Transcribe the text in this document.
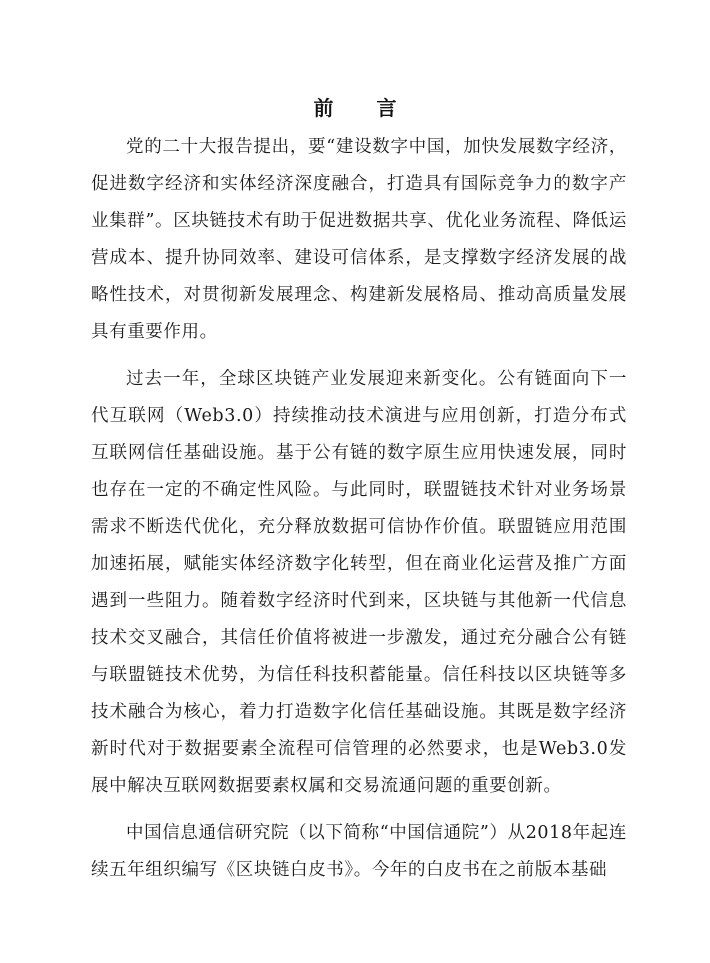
前 言

党的二十大报告提出，要“建设数字中国，加快发展数字经济，促进数字经济和实体经济深度融合，打造具有国际竞争力的数字产业集群”。区块链技术有助于促进数据共享、优化业务流程、降低运营成本、提升协同效率、建设可信体系，是支撑数字经济发展的战略性技术，对贯彻新发展理念、构建新发展格局、推动高质量发展具有重要作用。

过去一年，全球区块链产业发展迎来新变化。公有链面向下一代互联网（Web3.0）持续推动技术演进与应用创新，打造分布式互联网信任基础设施。基于公有链的数字原生应用快速发展，同时也存在一定的不确定性风险。与此同时，联盟链技术针对业务场景需求不断迭代优化，充分释放数据可信协作价值。联盟链应用范围加速拓展，赋能实体经济数字化转型，但在商业化运营及推广方面遇到一些阻力。随着数字经济时代到来，区块链与其他新一代信息技术交叉融合，其信任价值将被进一步激发，通过充分融合公有链与联盟链技术优势，为信任科技积蓄能量。信任科技以区块链等多技术融合为核心，着力打造数字化信任基础设施。其既是数字经济新时代对于数据要素全流程可信管理的必然要求，也是Web3.0发展中解决互联网数据要素权属和交易流通问题的重要创新。

中国信息通信研究院（以下简称“中国信通院”）从2018年起连续五年组织编写《区块链白皮书》。今年的白皮书在之前版本基础
